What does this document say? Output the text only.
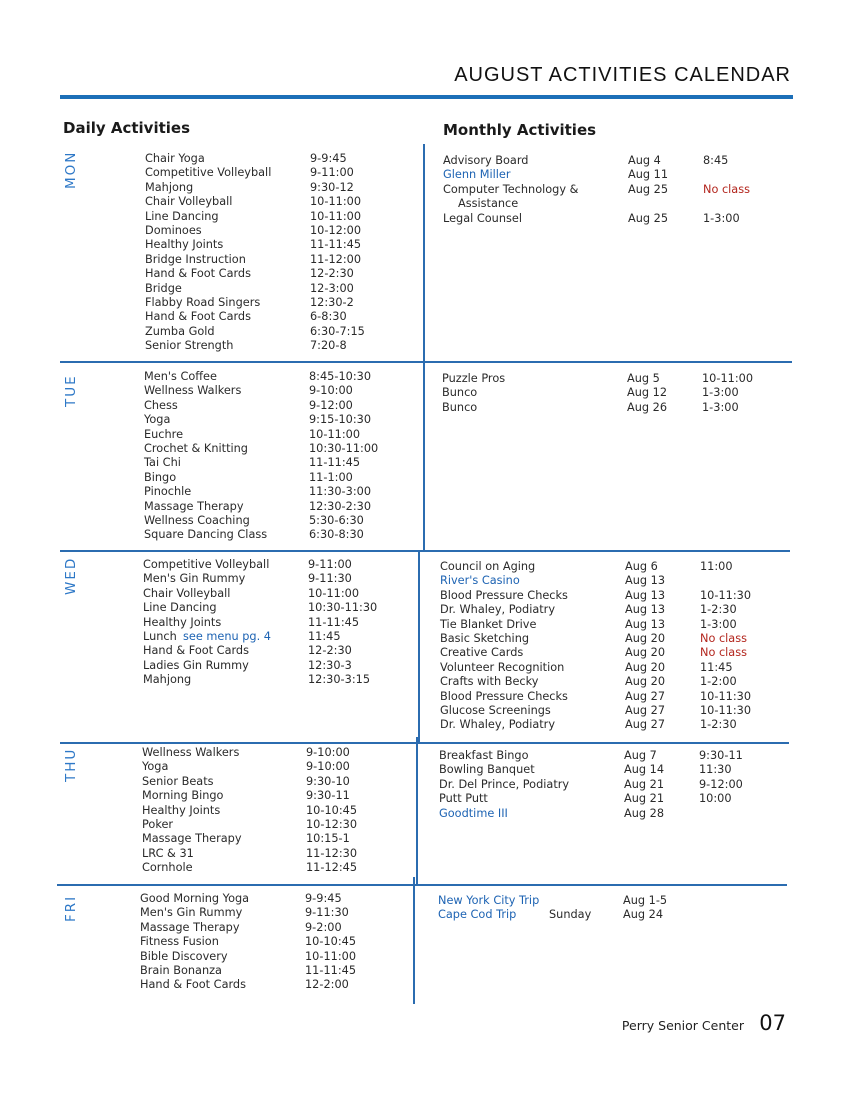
AUGUST ACTIVITIES CALENDAR
Daily Activities	Monthly Activities
MON	Chair Yoga	9-9:45
Competitive Volleyball	9-11:00
Mahjong	9:30-12
Chair Volleyball	10-11:00
Line Dancing	10-11:00
Dominoes	10-12:00
Healthy Joints	11-11:45
Bridge Instruction	11-12:00
Hand & Foot Cards	12-2:30
Bridge	12-3:00
Flabby Road Singers	12:30-2
Hand & Foot Cards	6-8:30
Zumba Gold	6:30-7:15
Senior Strength	7:20-8
Advisory Board	Aug 4	8:45
Glenn Miller	Aug 11
Computer Technology &	Aug 25	No class
Assistance
Legal Counsel	Aug 25	1-3:00
TUE	Men's Coffee	8:45-10:30
Wellness Walkers	9-10:00
Chess	9-12:00
Yoga	9:15-10:30
Euchre	10-11:00
Crochet & Knitting	10:30-11:00
Tai Chi	11-11:45
Bingo	11-1:00
Pinochle	11:30-3:00
Massage Therapy	12:30-2:30
Wellness Coaching	5:30-6:30
Square Dancing Class	6:30-8:30
Puzzle Pros	Aug 5	10-11:00
Bunco	Aug 12	1-3:00
Bunco	Aug 26	1-3:00
WED	Competitive Volleyball	9-11:00
Men's Gin Rummy	9-11:30
Chair Volleyball	10-11:00
Line Dancing	10:30-11:30
Healthy Joints	11-11:45
Lunch see menu pg. 4	11:45
Hand & Foot Cards	12-2:30
Ladies Gin Rummy	12:30-3
Mahjong	12:30-3:15
Council on Aging	Aug 6	11:00
River's Casino	Aug 13
Blood Pressure Checks	Aug 13	10-11:30
Dr. Whaley, Podiatry	Aug 13	1-2:30
Tie Blanket Drive	Aug 13	1-3:00
Basic Sketching	Aug 20	No class
Creative Cards	Aug 20	No class
Volunteer Recognition	Aug 20	11:45
Crafts with Becky	Aug 20	1-2:00
Blood Pressure Checks	Aug 27	10-11:30
Glucose Screenings	Aug 27	10-11:30
Dr. Whaley, Podiatry	Aug 27	1-2:30
THU	Wellness Walkers	9-10:00
Yoga	9-10:00
Senior Beats	9:30-10
Morning Bingo	9:30-11
Healthy Joints	10-10:45
Poker	10-12:30
Massage Therapy	10:15-1
LRC & 31	11-12:30
Cornhole	11-12:45
Breakfast Bingo	Aug 7	9:30-11
Bowling Banquet	Aug 14	11:30
Dr. Del Prince, Podiatry	Aug 21	9-12:00
Putt Putt	Aug 21	10:00
Goodtime III	Aug 28
FRI	Good Morning Yoga	9-9:45
Men's Gin Rummy	9-11:30
Massage Therapy	9-2:00
Fitness Fusion	10-10:45
Bible Discovery	10-11:00
Brain Bonanza	11-11:45
Hand & Foot Cards	12-2:00
New York City Trip	Aug 1-5
Cape Cod Trip	Sunday	Aug 24
Perry Senior Center 07
